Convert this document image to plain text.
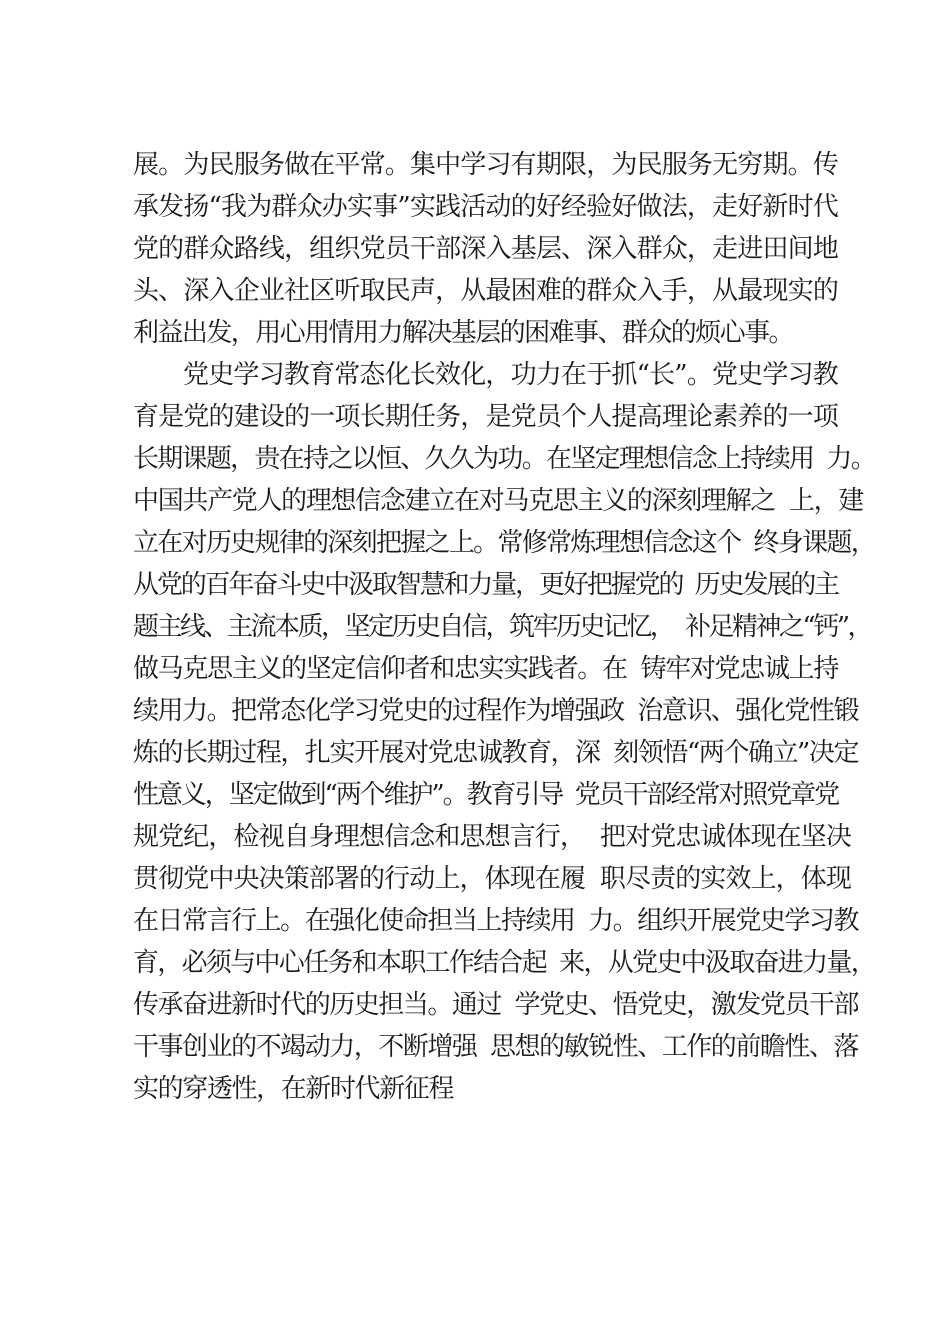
展。为民服务做在平常。集中学习有期限，为民服务无穷期。传
承发扬“我为群众办实事”实践活动的好经验好做法，走好新时代
党的群众路线，组织党员干部深入基层、深入群众，走进田间地
头、深入企业社区听取民声，从最困难的群众入手，从最现实的
利益出发，用心用情用力解决基层的困难事、群众的烦心事。
党史学习教育常态化长效化，功力在于抓“长”。党史学习教
育是党的建设的一项长期任务，是党员个人提高理论素养的一项
长期课题，贵在持之以恒、久久为功。在坚定理想信念上持续用  力。
中国共产党人的理想信念建立在对马克思主义的深刻理解之  上，建
立在对历史规律的深刻把握之上。常修常炼理想信念这个  终身课题，
从党的百年奋斗史中汲取智慧和力量，更好把握党的  历史发展的主
题主线、主流本质，坚定历史自信，筑牢历史记忆，  补足精神之“钙”，
做马克思主义的坚定信仰者和忠实实践者。在  铸牢对党忠诚上持
续用力。把常态化学习党史的过程作为增强政  治意识、强化党性锻
炼的长期过程，扎实开展对党忠诚教育，深  刻领悟“两个确立”决定
性意义，坚定做到“两个维护”。教育引导  党员干部经常对照党章党
规党纪，检视自身理想信念和思想言行，  把对党忠诚体现在坚决
贯彻党中央决策部署的行动上，体现在履  职尽责的实效上，体现
在日常言行上。在强化使命担当上持续用  力。组织开展党史学习教
育，必须与中心任务和本职工作结合起  来，从党史中汲取奋进力量，
传承奋进新时代的历史担当。通过  学党史、悟党史，激发党员干部
干事创业的不竭动力，不断增强  思想的敏锐性、工作的前瞻性、落
实的穿透性，在新时代新征程
